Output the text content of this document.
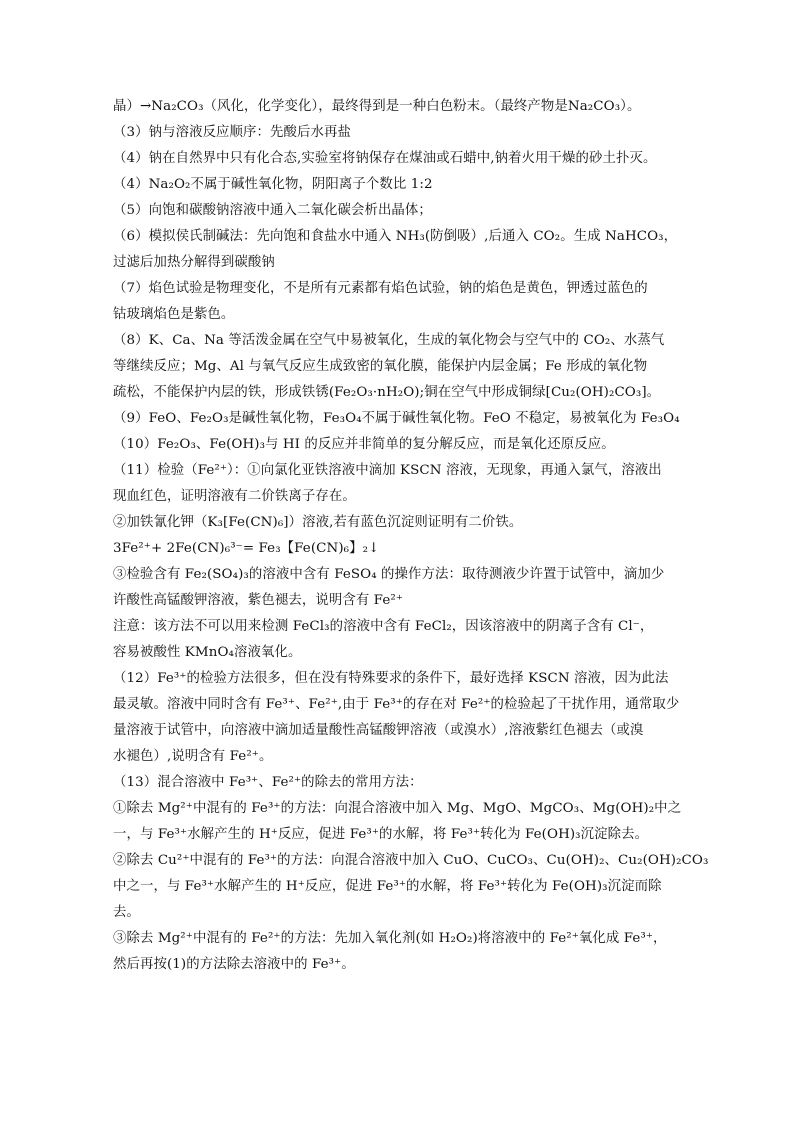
晶）→Na₂CO₃（风化，化学变化），最终得到是一种白色粉末。（最终产物是Na₂CO₃）。
（3）钠与溶液反应顺序：先酸后水再盐
（4）钠在自然界中只有化合态,实验室将钠保存在煤油或石蜡中,钠着火用干燥的砂土扑灭。
（4）Na₂O₂不属于碱性氧化物，阴阳离子个数比 1:2
（5）向饱和碳酸钠溶液中通入二氧化碳会析出晶体；
（6）模拟侯氏制碱法：先向饱和食盐水中通入 NH₃(防倒吸）,后通入 CO₂。生成 NaHCO₃，
过滤后加热分解得到碳酸钠
（7）焰色试验是物理变化，不是所有元素都有焰色试验，钠的焰色是黄色，钾透过蓝色的
钴玻璃焰色是紫色。
（8）K、Ca、Na 等活泼金属在空气中易被氧化，生成的氧化物会与空气中的 CO₂、水蒸气
等继续反应；Mg、Al 与氧气反应生成致密的氧化膜，能保护内层金属；Fe 形成的氧化物
疏松，不能保护内层的铁，形成铁锈(Fe₂O₃·nH₂O);铜在空气中形成铜绿[Cu₂(OH)₂CO₃]。
（9）FeO、Fe₂O₃是碱性氧化物，Fe₃O₄不属于碱性氧化物。FeO 不稳定，易被氧化为 Fe₃O₄
（10）Fe₂O₃、Fe(OH)₃与 HI 的反应并非简单的复分解反应，而是氧化还原反应。
（11）检验（Fe²⁺）：①向氯化亚铁溶液中滴加 KSCN 溶液，无现象，再通入氯气，溶液出
现血红色，证明溶液有二价铁离子存在。
②加铁氰化钾（K₃[Fe(CN)₆]）溶液,若有蓝色沉淀则证明有二价铁。
3Fe²⁺+ 2Fe(CN)₆³⁻= Fe₃【Fe(CN)₆】₂↓
③检验含有 Fe₂(SO₄)₃的溶液中含有 FeSO₄ 的操作方法：取待测液少许置于试管中，滴加少
许酸性高锰酸钾溶液，紫色褪去，说明含有 Fe²⁺
注意：该方法不可以用来检测 FeCl₃的溶液中含有 FeCl₂，因该溶液中的阴离子含有 Cl⁻，
容易被酸性 KMnO₄溶液氧化。
（12）Fe³⁺的检验方法很多，但在没有特殊要求的条件下，最好选择 KSCN 溶液，因为此法
最灵敏。溶液中同时含有 Fe³⁺、Fe²⁺,由于 Fe³⁺的存在对 Fe²⁺的检验起了干扰作用，通常取少
量溶液于试管中，向溶液中滴加适量酸性高锰酸钾溶液（或溴水）,溶液紫红色褪去（或溴
水褪色）,说明含有 Fe²⁺。
（13）混合溶液中 Fe³⁺、Fe²⁺的除去的常用方法：
①除去 Mg²⁺中混有的 Fe³⁺的方法：向混合溶液中加入 Mg、MgO、MgCO₃、Mg(OH)₂中之
一，与 Fe³⁺水解产生的 H⁺反应，促进 Fe³⁺的水解，将 Fe³⁺转化为 Fe(OH)₃沉淀除去。
②除去 Cu²⁺中混有的 Fe³⁺的方法：向混合溶液中加入 CuO、CuCO₃、Cu(OH)₂、Cu₂(OH)₂CO₃
中之一，与 Fe³⁺水解产生的 H⁺反应，促进 Fe³⁺的水解，将 Fe³⁺转化为 Fe(OH)₃沉淀而除
去。
③除去 Mg²⁺中混有的 Fe²⁺的方法：先加入氧化剂(如 H₂O₂)将溶液中的 Fe²⁺氧化成 Fe³⁺，
然后再按(1)的方法除去溶液中的 Fe³⁺。
